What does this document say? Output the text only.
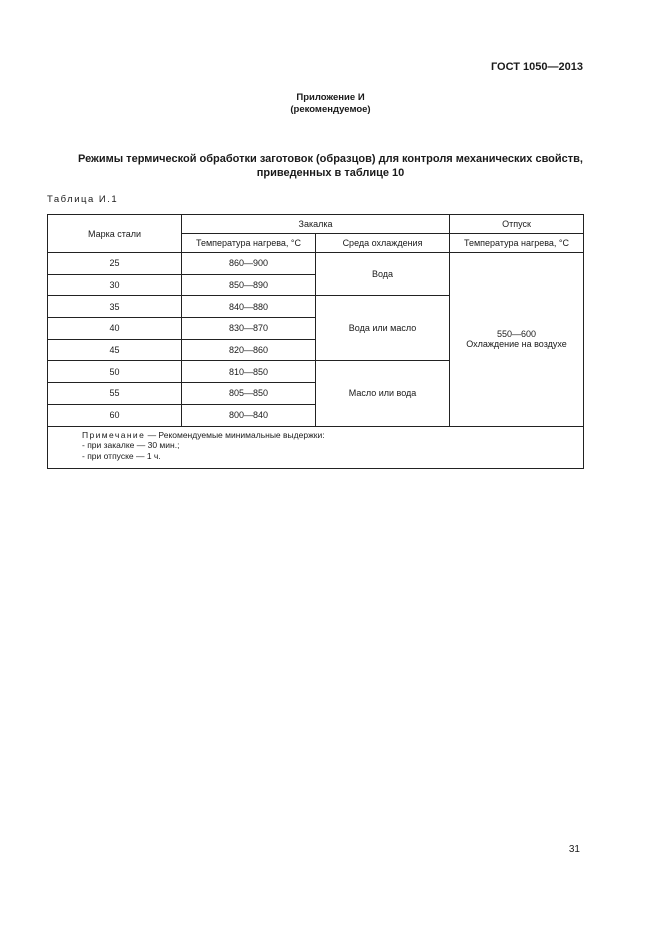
ГОСТ 1050—2013
Приложение И
(рекомендуемое)
Режимы термической обработки заготовок (образцов) для контроля механических свойств,
приведенных в таблице 10
Таблица И.1
Марка стали	Закалка		Отпуск
	Температура нагрева, °С	Среда охлаждения	Температура нагрева, °С
25	860—900	Вода	550—600
Охлаждение на воздухе

30	850—890		
35	840—880	Вода или масло	
40	830—870		
45	820—860		
50	810—850	Масло или вода	
55	805—850		
60	800—840		

Примечание — Рекомендуемые минимальные выдержки:
- при закалке — 30 мин.;
- при отпуске — 1 ч.			
31
